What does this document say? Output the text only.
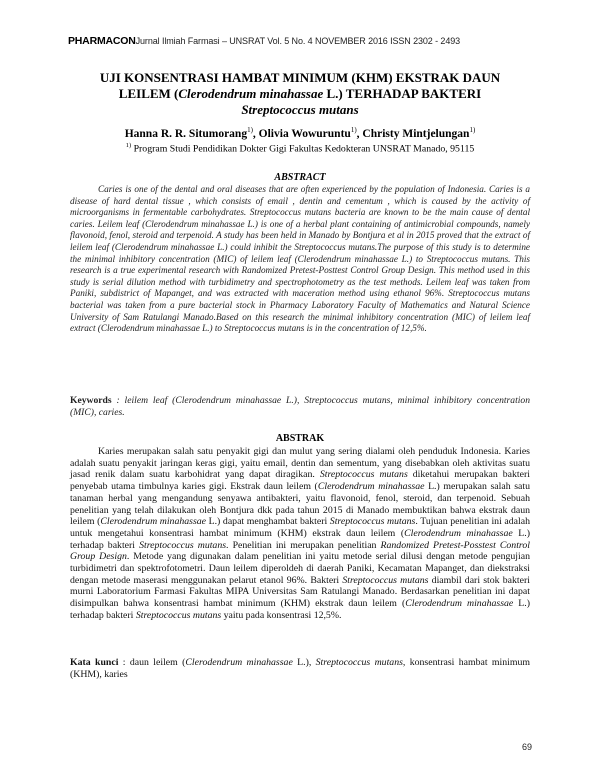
PHARMACONJurnal Ilmiah Farmasi – UNSRAT Vol. 5 No. 4 NOVEMBER 2016 ISSN 2302 - 2493
UJI KONSENTRASI HAMBAT MINIMUM (KHM) EKSTRAK DAUN
LEILEM (Clerodendrum minahassae L.) TERHADAP BAKTERI
Streptococcus mutans
Hanna R. R. Situmorang$^{1)}$, Olivia Wowuruntu$^{1)}$, Christy Mintjelungan$^{1)}$
$^{1)}$ Program Studi Pendidikan Dokter Gigi Fakultas Kedokteran UNSRAT Manado, 95115
ABSTRACT
Caries is one of the dental and oral diseases that are often experienced by the population of Indonesia. Caries is a disease of hard dental tissue , which consists of email , dentin and cementum , which is caused by the activity of microorganisms in fermentable carbohydrates. Streptococcus mutans bacteria are known to be the main cause of dental caries. Leilem leaf (Clerodendrum minahassae L.) is one of a herbal plant containing of antimicrobial compounds, namely flavonoid, fenol, steroid and terpenoid. A study has been held in Manado by Bontjura et al in 2015 proved that the extract of leilem leaf (Clerodendrum minahassae L.) could inhibit the Streptococcus mutans.The purpose of this study is to determine the minimal inhibitory concentration (MIC) of leilem leaf (Clerodendrum minahassae L.) to Streptococcus mutans. This research is a true experimental research with Randomized Pretest-Posttest Control Group Design. This method used in this study is serial dilution method with turbidimetry and spectrophotometry as the test methods. Leilem leaf was taken from Paniki, subdistrict of Mapanget, and was extracted with maceration method using ethanol 96%. Streptococcus mutans bacterial was taken from a pure bacterial stock in Pharmacy Laboratory Faculty of Mathematics and Natural Science University of Sam Ratulangi Manado.Based on this research the minimal inhibitory concentration (MIC) of leilem leaf extract (Clerodendrum minahassae L.) to Streptococcus mutans is in the concentration of 12,5%.
Keywords : leilem leaf (Clerodendrum minahassae L.), Streptococcus mutans, minimal inhibitory concentration (MIC), caries.
ABSTRAK
Karies merupakan salah satu penyakit gigi dan mulut yang sering dialami oleh penduduk Indonesia. Karies adalah suatu penyakit jaringan keras gigi, yaitu email, dentin dan sementum, yang disebabkan oleh aktivitas suatu jasad renik dalam suatu karbohidrat yang dapat diragikan. Streptococcus mutans diketahui merupakan bakteri penyebab utama timbulnya karies gigi. Ekstrak daun leilem (Clerodendrum minahassae L.) merupakan salah satu tanaman herbal yang mengandung senyawa antibakteri, yaitu flavonoid, fenol, steroid, dan terpenoid. Sebuah penelitian yang telah dilakukan oleh Bontjura dkk pada tahun 2015 di Manado membuktikan bahwa ekstrak daun leilem (Clerodendrum minahassae L.) dapat menghambat bakteri Streptococcus mutans. Tujuan penelitian ini adalah untuk mengetahui konsentrasi hambat minimum (KHM) ekstrak daun leilem (Clerodendrum minahassae L.) terhadap bakteri Streptococcus mutans. Penelitian ini merupakan penelitian Randomized Pretest-Posstest Control Group Design. Metode yang digunakan dalam penelitian ini yaitu metode serial dilusi dengan metode pengujian turbidimetri dan spektrofotometri. Daun leilem diperoldeh di daerah Paniki, Kecamatan Mapanget, dan diekstraksi dengan metode maserasi menggunakan pelarut etanol 96%. Bakteri Streptococcus mutans diambil dari stok bakteri murni Laboratorium Farmasi Fakultas MIPA Universitas Sam Ratulangi Manado. Berdasarkan penelitian ini dapat disimpulkan bahwa konsentrasi hambat minimum (KHM) ekstrak daun leilem (Clerodendrum minahassae L.) terhadap bakteri Streptococcus mutans yaitu pada konsentrasi 12,5%.
Kata kunci : daun leilem (Clerodendrum minahassae L.), Streptococcus mutans, konsentrasi hambat minimum (KHM), karies
69
